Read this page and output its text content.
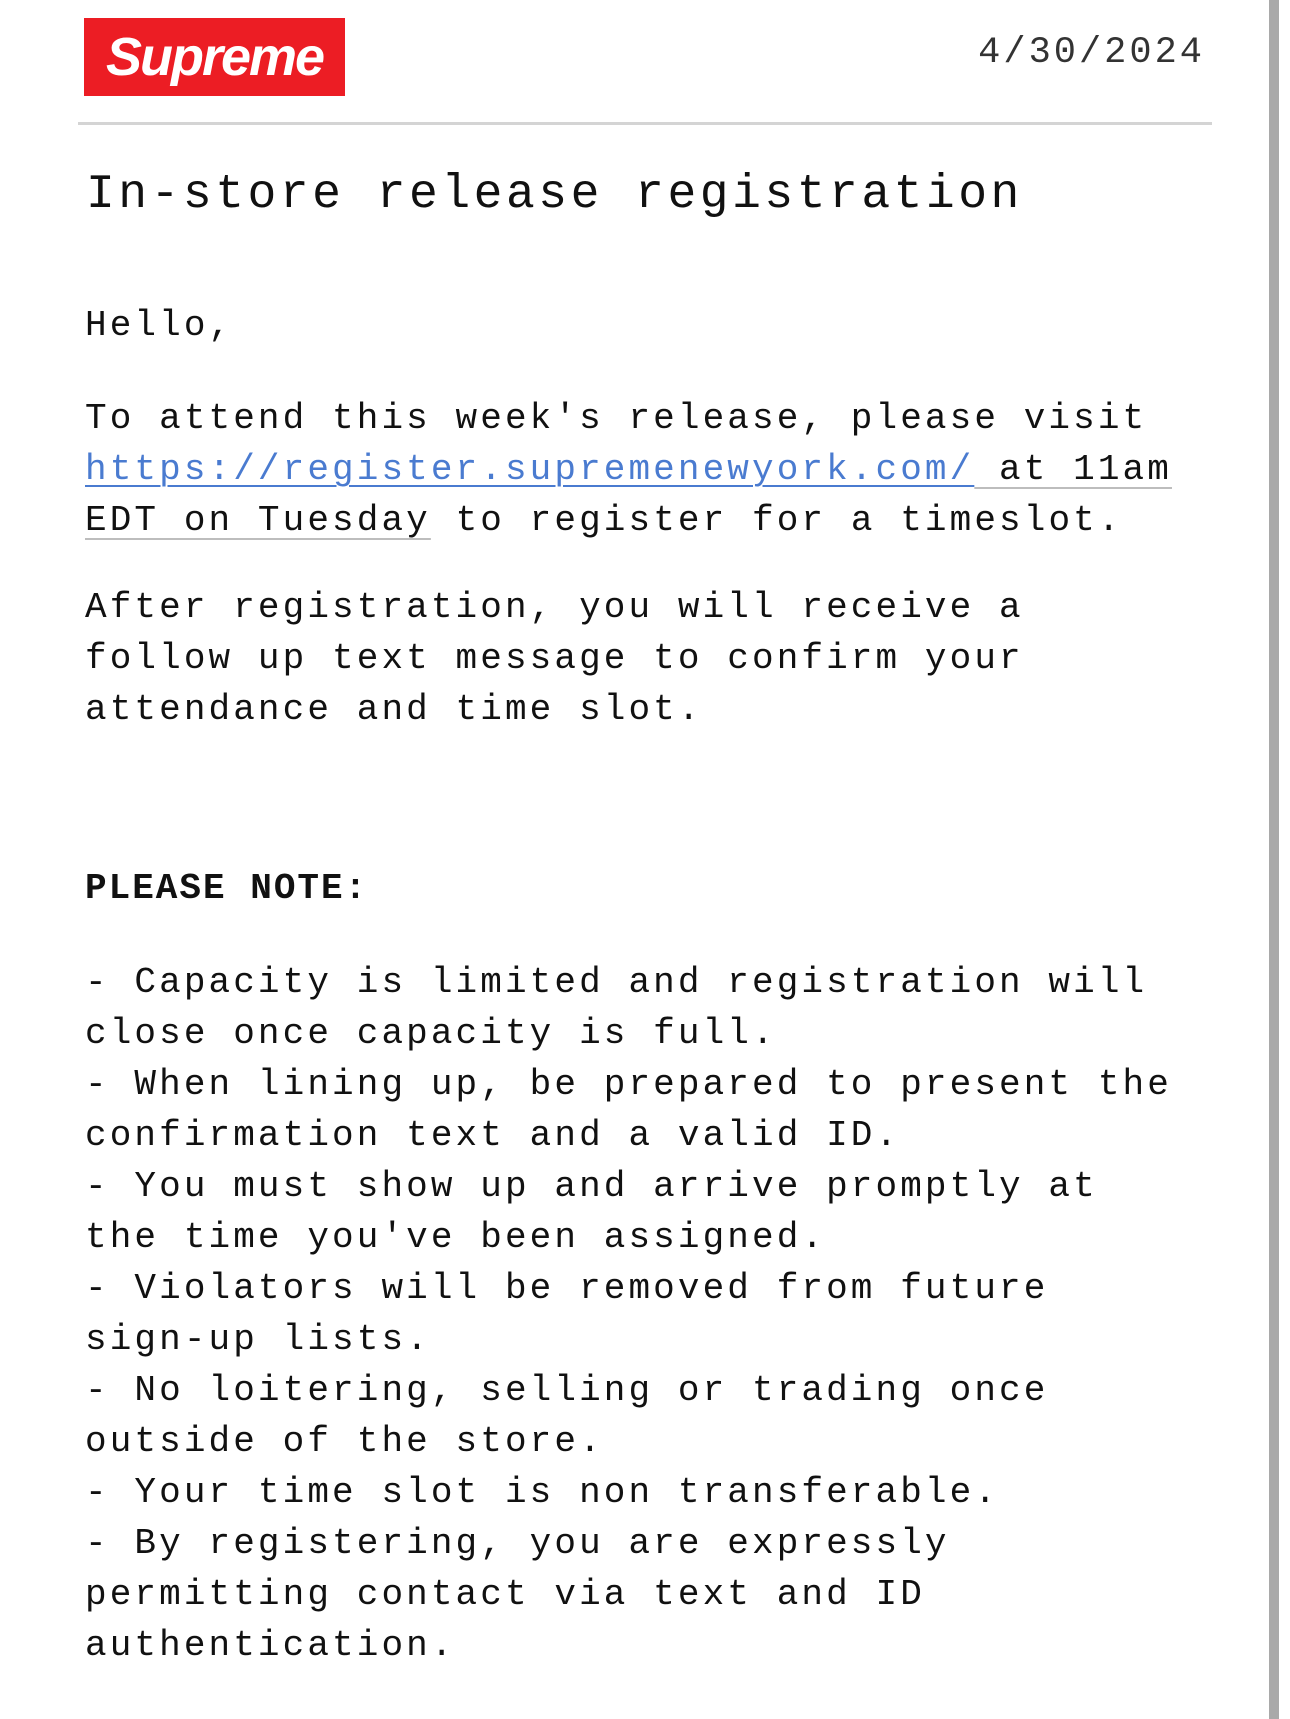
Supreme	4/30/2024
In-store release registration

Hello,

To attend this week's release, please visit
https://register.supremenewyork.com/ at 11am
EDT on Tuesday to register for a timeslot.

After registration, you will receive a
follow up text message to confirm your
attendance and time slot.

PLEASE NOTE:

- Capacity is limited and registration will
close once capacity is full.

- When lining up, be prepared to present the
confirmation text and a valid ID.

- You must show up and arrive promptly at
the time you've been assigned.

- Violators will be removed from future
sign-up lists.

- No loitering, selling or trading once
outside of the store.

- Your time slot is non transferable.

- By registering, you are expressly
permitting contact via text and ID
authentication.
